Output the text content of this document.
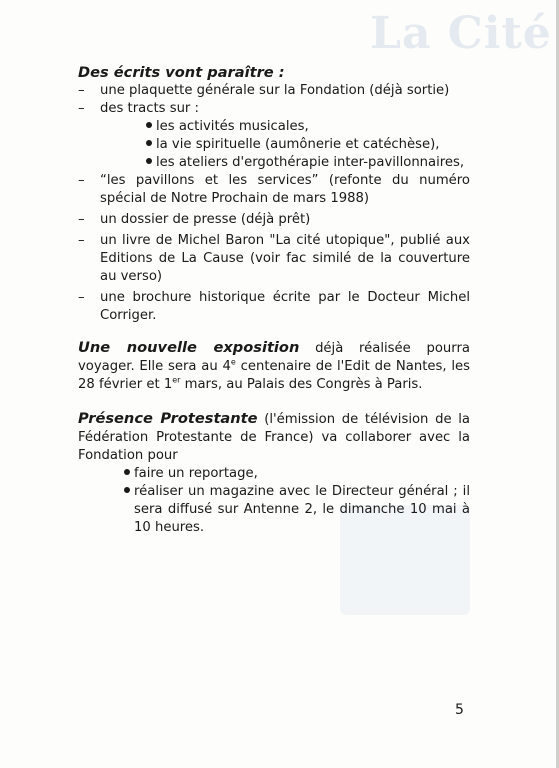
La Cité
Des écrits vont paraître :
– une plaquette générale sur la Fondation (déjà sortie)
– des tracts sur :
les activités musicales,
la vie spirituelle (aumônerie et catéchèse),
les ateliers d'ergothérapie inter-pavillonnaires,
– “les pavillons et les services” (refonte du numéro spécial de Notre Prochain de mars 1988)
– un dossier de presse (déjà prêt)
– un livre de Michel Baron "La cité utopique", publié aux Editions de La Cause (voir fac similé de la couverture au verso)
– une brochure historique écrite par le Docteur Michel Corriger.
Une nouvelle exposition déjà réalisée pourra voyager. Elle sera au 4e centenaire de l'Edit de Nantes, les 28 février et 1er mars, au Palais des Congrès à Paris.
Présence Protestante (l'émission de télévision de la Fédération Protestante de France) va collaborer avec la Fondation pour
faire un reportage,
réaliser un magazine avec le Directeur général ; il sera diffusé sur Antenne 2, le dimanche 10 mai à 10 heures.
5
